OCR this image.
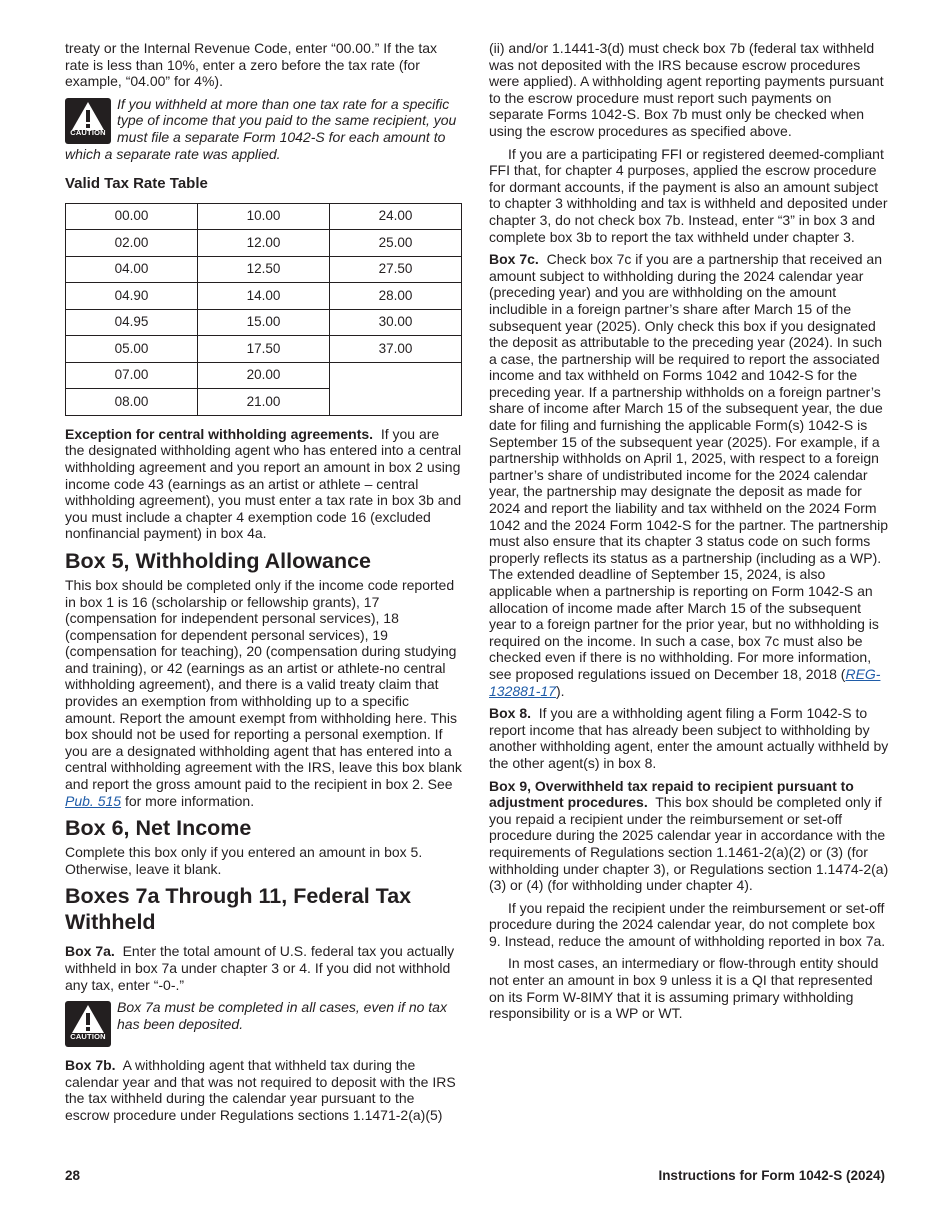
treaty or the Internal Revenue Code, enter “00.00.” If the tax rate is less than 10%, enter a zero before the tax rate (for example, “04.00” for 4%).

CAUTION
If you withheld at more than one tax rate for a specific type of income that you paid to the same recipient, you must file a separate Form 1042-S for each amount to which a separate rate was applied.
Valid Tax Rate Table
00.00	10.00	24.00
02.00	12.00	25.00
04.00	12.50	27.50
04.90	14.00	28.00
04.95	15.00	30.00
05.00	17.50	37.00
07.00	20.00	
08.00	21.00	

Exception for central withholding agreements. If you are the designated withholding agent who has entered into a central withholding agreement and you report an amount in box 2 using income code 43 (earnings as an artist or athlete – central withholding agreement), you must enter a tax rate in box 3b and you must include a chapter 4 exemption code 16 (excluded nonfinancial payment) in box 4a.

Box 5, Withholding Allowance

This box should be completed only if the income code reported in box 1 is 16 (scholarship or fellowship grants), 17 (compensation for independent personal services), 18 (compensation for dependent personal services), 19 (compensation for teaching), 20 (compensation during studying and training), or 42 (earnings as an artist or athlete-no central withholding agreement), and there is a valid treaty claim that provides an exemption from withholding up to a specific amount. Report the amount exempt from withholding here. This box should not be used for reporting a personal exemption. If you are a designated withholding agent that has entered into a central withholding agreement with the IRS, leave this box blank and report the gross amount paid to the recipient in box 2. See Pub. 515 for more information.

Box 6, Net Income

Complete this box only if you entered an amount in box 5. Otherwise, leave it blank.

Boxes 7a Through 11, Federal Tax Withheld

Box 7a. Enter the total amount of U.S. federal tax you actually withheld in box 7a under chapter 3 or 4. If you did not withhold any tax, enter “-0-.”

CAUTION
Box 7a must be completed in all cases, even if no tax has been deposited.

Box 7b. A withholding agent that withheld tax during the calendar year and that was not required to deposit with the IRS the tax withheld during the calendar year pursuant to the escrow procedure under Regulations sections 1.1471-2(a)(5)

(ii) and/or 1.1441-3(d) must check box 7b (federal tax withheld was not deposited with the IRS because escrow procedures were applied). A withholding agent reporting payments pursuant to the escrow procedure must report such payments on separate Forms 1042-S. Box 7b must only be checked when using the escrow procedures as specified above.

If you are a participating FFI or registered deemed-compliant FFI that, for chapter 4 purposes, applied the escrow procedure for dormant accounts, if the payment is also an amount subject to chapter 3 withholding and tax is withheld and deposited under chapter 3, do not check box 7b. Instead, enter “3” in box 3 and complete box 3b to report the tax withheld under chapter 3.

Box 7c. Check box 7c if you are a partnership that received an amount subject to withholding during the 2024 calendar year (preceding year) and you are withholding on the amount includible in a foreign partner’s share after March 15 of the subsequent year (2025). Only check this box if you designated the deposit as attributable to the preceding year (2024). In such a case, the partnership will be required to report the associated income and tax withheld on Forms 1042 and 1042-S for the preceding year. If a partnership withholds on a foreign partner’s share of income after March 15 of the subsequent year, the due date for filing and furnishing the applicable Form(s) 1042-S is September 15 of the subsequent year (2025). For example, if a partnership withholds on April 1, 2025, with respect to a foreign partner’s share of undistributed income for the 2024 calendar year, the partnership may designate the deposit as made for 2024 and report the liability and tax withheld on the 2024 Form 1042 and the 2024 Form 1042-S for the partner. The partnership must also ensure that its chapter 3 status code on such forms properly reflects its status as a partnership (including as a WP). The extended deadline of September 15, 2024, is also applicable when a partnership is reporting on Form 1042-S an allocation of income made after March 15 of the subsequent year to a foreign partner for the prior year, but no withholding is required on the income. In such a case, box 7c must also be checked even if there is no withholding. For more information, see proposed regulations issued on December 18, 2018 (REG-132881-17).

Box 8. If you are a withholding agent filing a Form 1042-S to report income that has already been subject to withholding by another withholding agent, enter the amount actually withheld by the other agent(s) in box 8.

Box 9, Overwithheld tax repaid to recipient pursuant to adjustment procedures. This box should be completed only if you repaid a recipient under the reimbursement or set-off procedure during the 2025 calendar year in accordance with the requirements of Regulations section 1.1461-2(a)(2) or (3) (for withholding under chapter 3), or Regulations section 1.1474-2(a)(3) or (4) (for withholding under chapter 4).

If you repaid the recipient under the reimbursement or set-off procedure during the 2024 calendar year, do not complete box 9. Instead, reduce the amount of withholding reported in box 7a.

In most cases, an intermediary or flow-through entity should not enter an amount in box 9 unless it is a QI that represented on its Form W-8IMY that it is assuming primary withholding responsibility or is a WP or WT.

28	Instructions for Form 1042-S (2024)
